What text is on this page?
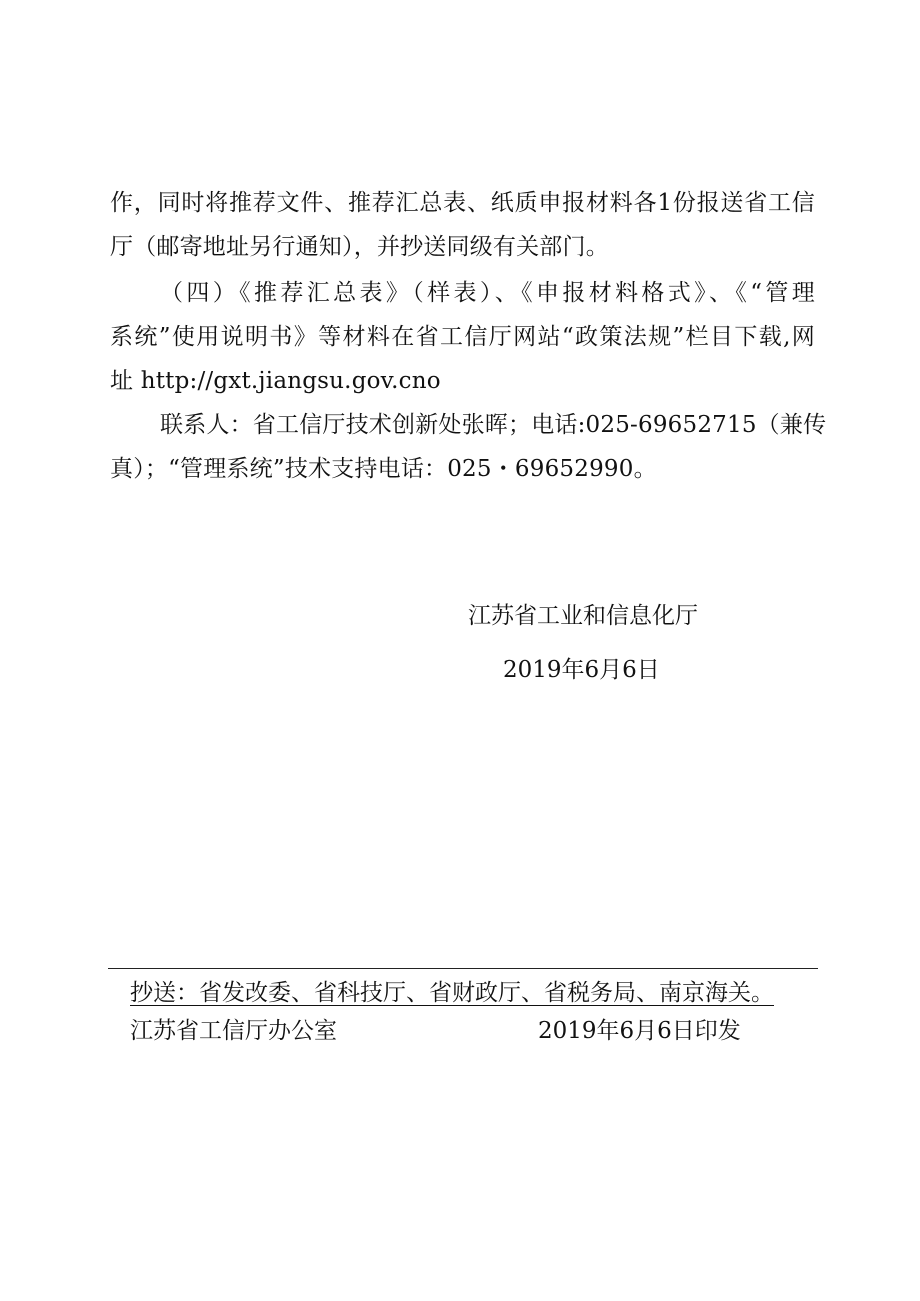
作，同时将推荐文件、推荐汇总表、纸质申报材料各1份报送省工信
厅（邮寄地址另行通知），并抄送同级有关部门。
（四）《推荐汇总表》（样表）、《申报材料格式》、《“管理
系统”使用说明书》等材料在省工信厅网站“政策法规”栏目下载,网
址 http://gxt.jiangsu.gov.cno
联系人：省工信厅技术创新处张晖；电话:025-69652715（兼传
真）；“管理系统”技术支持电话：025・69652990。
江苏省工业和信息化厅
2019年6月6日
抄送：省发改委、省科技厅、省财政厅、省税务局、南京海关。
江苏省工信厅办公室	2019年6月6日印发
